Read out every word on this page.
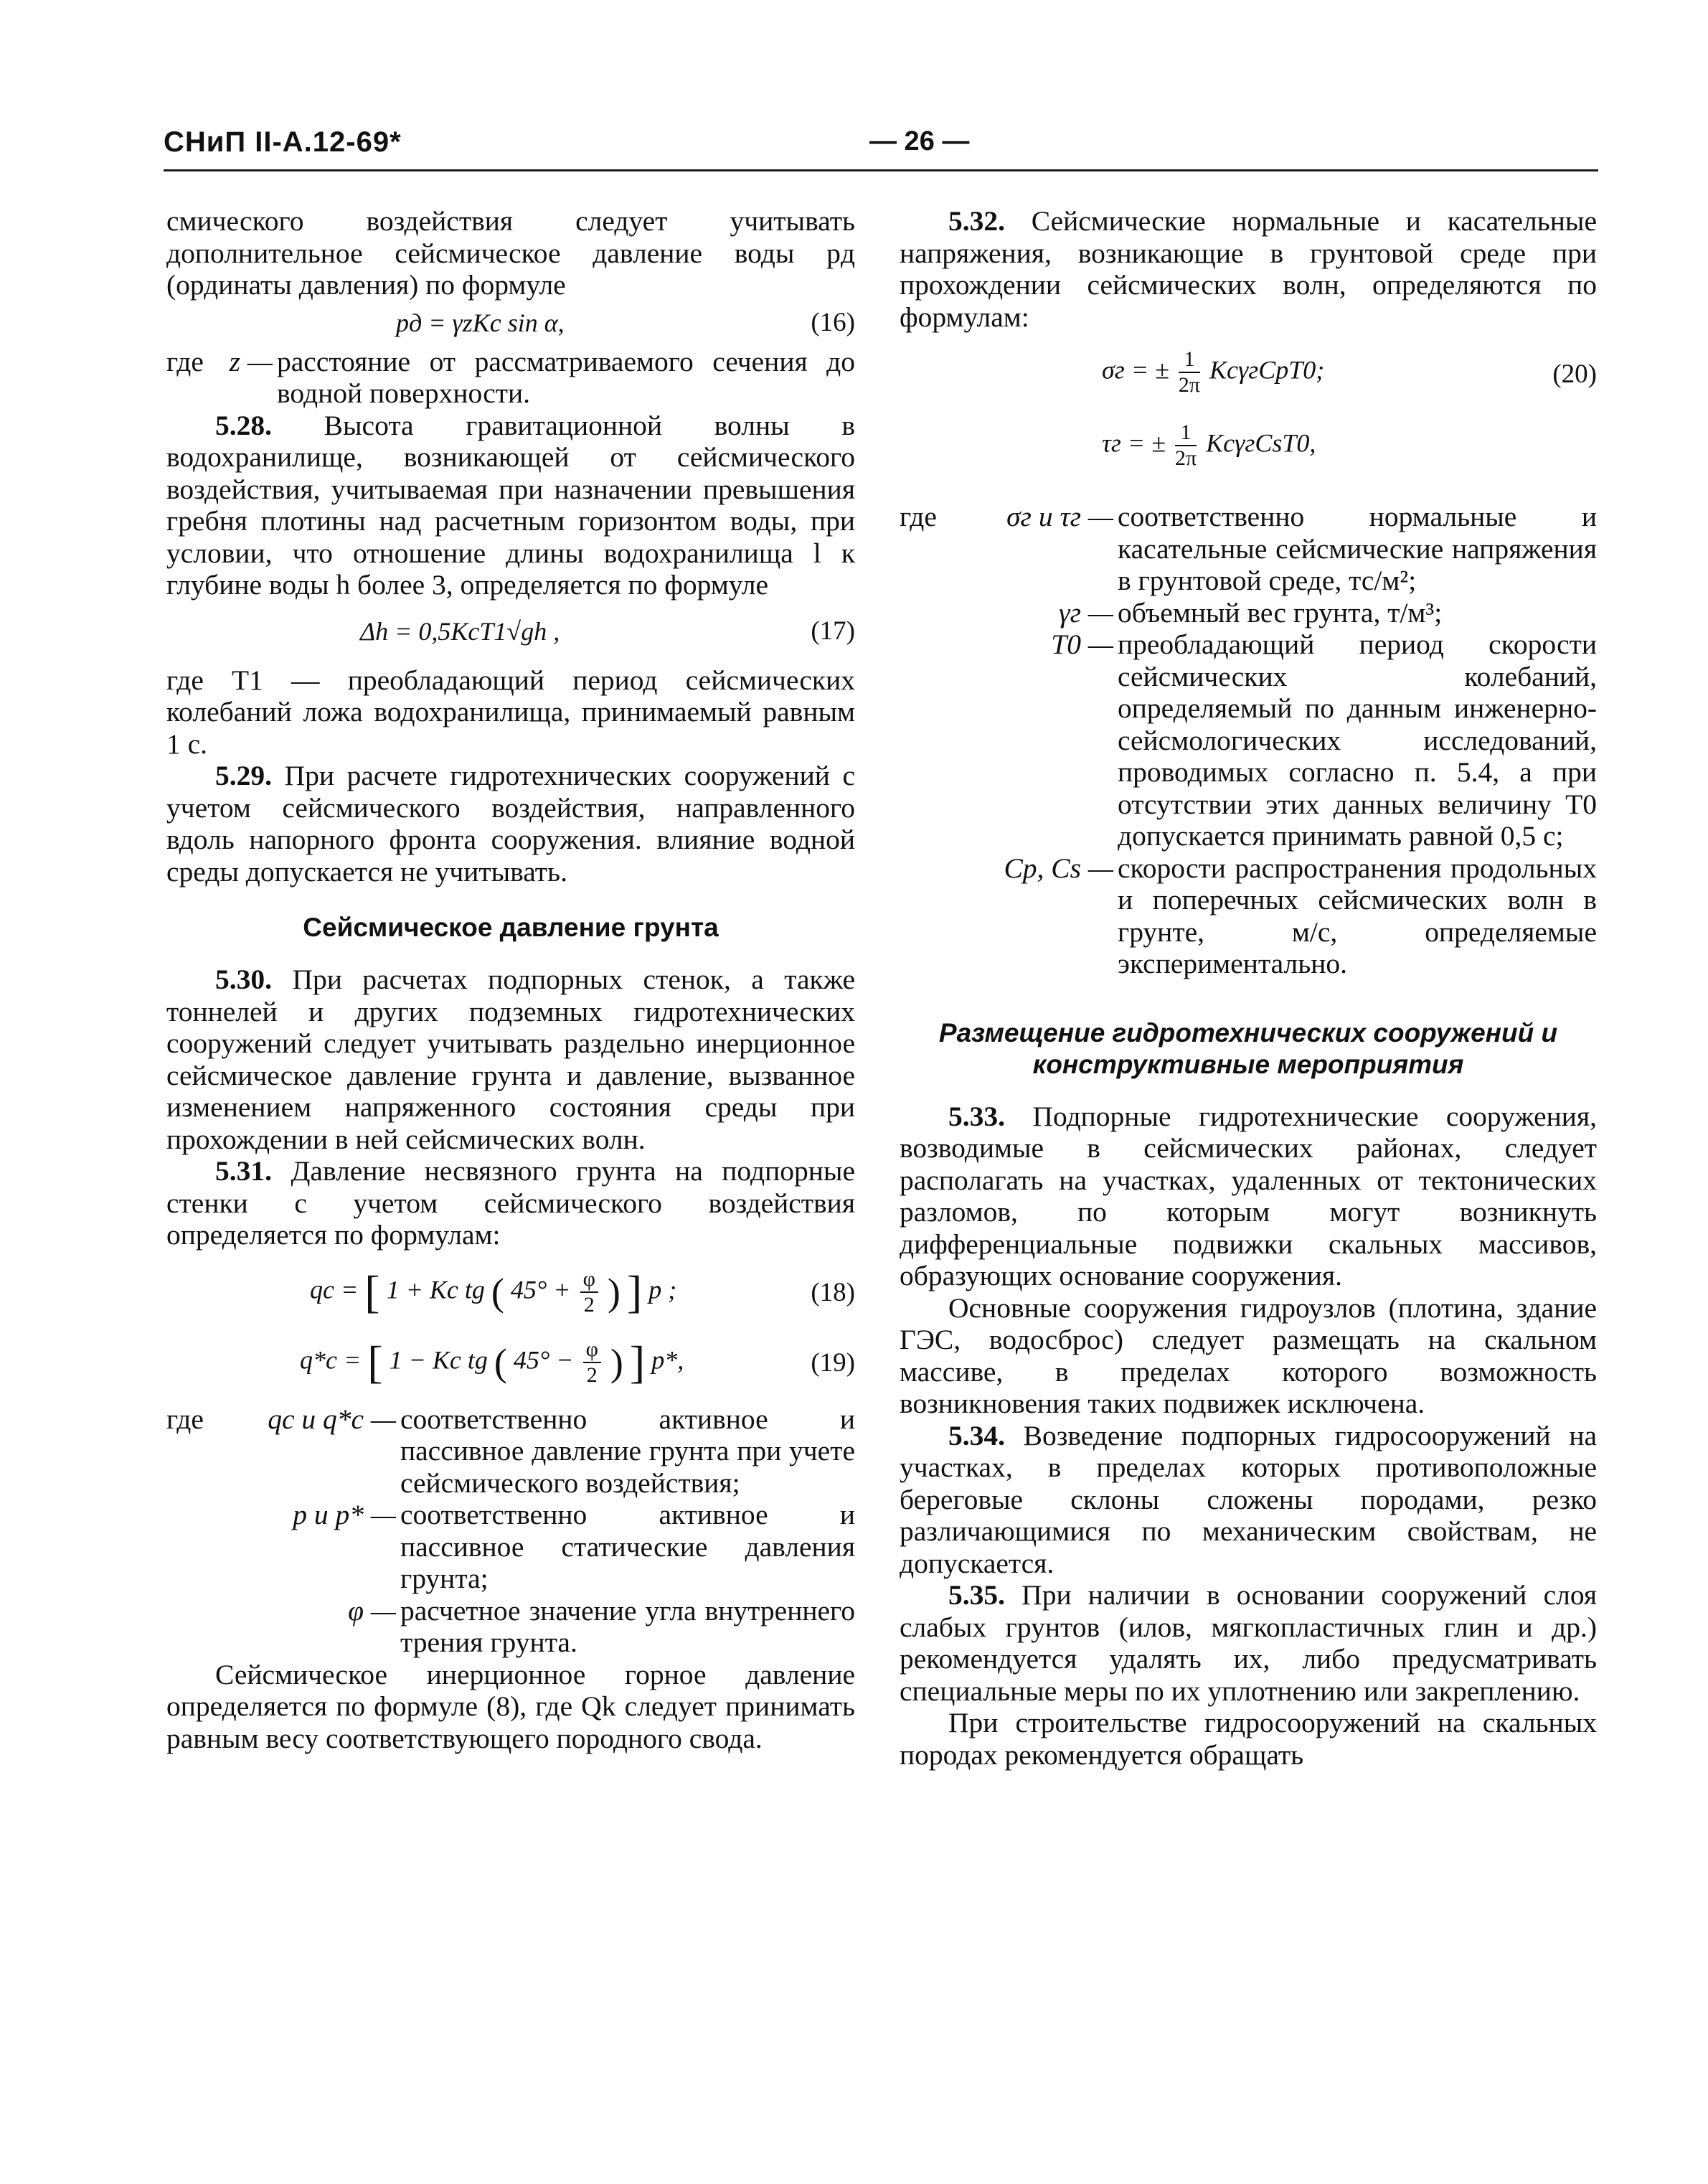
СНиП II-А.12-69*	— 26 —

смического воздействия следует учитывать дополнительное сейсмическое давление воды pд (ординаты давления) по формуле

pд = γzKс sin α,	(16)
где z — расстояние от рассматриваемого сечения до водной поверхности.

5.28. Высота гравитационной волны в водохранилище, возникающей от сейсмического воздействия, учитываемая при назначении превышения гребня плотины над расчетным горизонтом воды, при условии, что отношение длины водохранилища l к глубине воды h более 3, определяется по формуле

Δh = 0,5KсT1√gh ,	(17)

где T1 — преобладающий период сейсмических колебаний ложа водохранилища, принимаемый равным 1 с.

5.29. При расчете гидротехнических сооружений с учетом сейсмического воздействия, направленного вдоль напорного фронта сооружения. влияние водной среды допускается не учитывать.

Сейсмическое давление грунта

5.30. При расчетах подпорных стенок, а также тоннелей и других подземных гидротехнических сооружений следует учитывать раздельно инерционное сейсмическое давление грунта и давление, вызванное изменением напряженного состояния среды при прохождении в ней сейсмических волн.

5.31. Давление несвязного грунта на подпорные стенки с учетом сейсмического воздействия определяется по формулам:

qс = [ 1 + Kс tg ( $45^\circ + \frac{\varphi}{2}$ ) ] p ;	(18)
q*с = [ 1 − Kс tg ( $45^\circ - \frac{\varphi}{2}$ ) ] p*,	(19)
где	qс и q*с — соответственно активное и пассивное давление грунта при учете сейсмического воздействия;
p и p* — соответственно активное и пассивное статические давления грунта;
φ — расчетное значение угла внутреннего трения грунта.

Сейсмическое инерционное горное давление определяется по формуле (8), где Qk следует принимать равным весу соответствующего породного свода.

5.32. Сейсмические нормальные и касательные напряжения, возникающие в грунтовой среде при прохождении сейсмических волн, определяются по формулам:

σг = ± $\frac{1}{2\pi}$ KсγгCpT0;	(20)
τг = ± $\frac{1}{2\pi}$ KсγгCsT0,
где	σг и τг — соответственно нормальные и касательные сейсмические напряжения в грунтовой среде, тс/м²;
γг — объемный вес грунта, т/м³;
T0 — преобладающий период скорости сейсмических колебаний, определяемый по данным инженерно-сейсмологических исследований, проводимых согласно п. 5.4, а при отсутствии этих данных величину T0 допускается принимать равной 0,5 с;
Cp, Cs — скорости распространения продольных и поперечных сейсмических волн в грунте, м/с, определяемые экспериментально.
Размещение гидротехнических сооружений и конструктивные мероприятия

5.33. Подпорные гидротехнические сооружения, возводимые в сейсмических районах, следует располагать на участках, удаленных от тектонических разломов, по которым могут возникнуть дифференциальные подвижки скальных массивов, образующих основание сооружения.

Основные сооружения гидроузлов (плотина, здание ГЭС, водосброс) следует размещать на скальном массиве, в пределах которого возможность возникновения таких подвижек исключена.

5.34. Возведение подпорных гидросооружений на участках, в пределах которых противоположные береговые склоны сложены породами, резко различающимися по механическим свойствам, не допускается.

5.35. При наличии в основании сооружений слоя слабых грунтов (илов, мягкопластичных глин и др.) рекомендуется удалять их, либо предусматривать специальные меры по их уплотнению или закреплению.

При строительстве гидросооружений на скальных породах рекомендуется обращать
